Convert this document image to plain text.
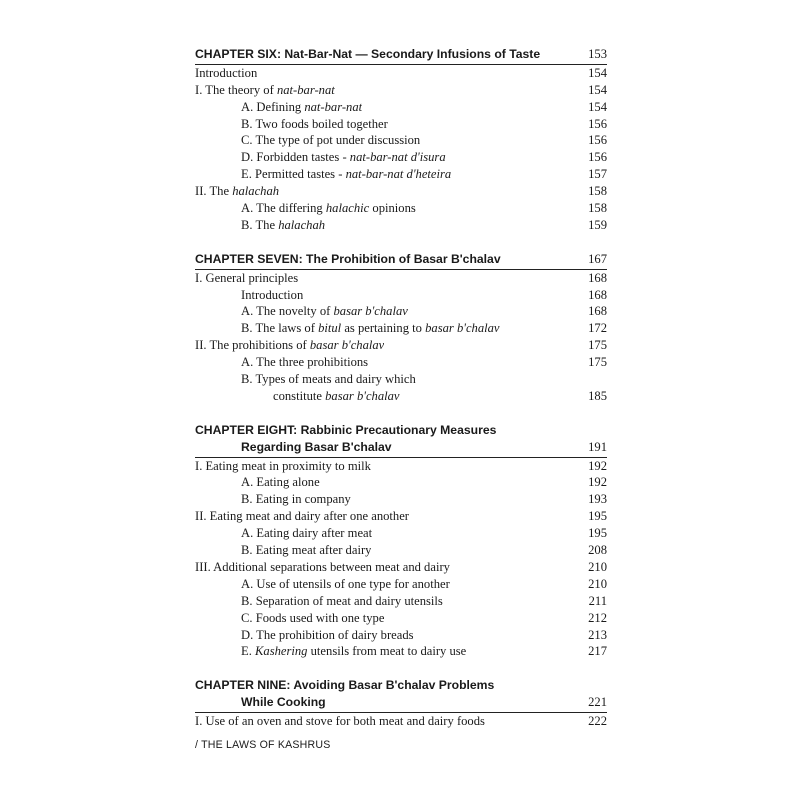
CHAPTER SIX: Nat-Bar-Nat — Secondary Infusions of Taste	153
Introduction	154
I. The theory of nat-bar-nat	154
A. Defining nat-bar-nat	154
B. Two foods boiled together	156
C. The type of pot under discussion	156
D. Forbidden tastes - nat-bar-nat d'isura	156
E. Permitted tastes - nat-bar-nat d'heteira	157
II. The halachah	158
A. The differing halachic opinions	158
B. The halachah	159
CHAPTER SEVEN: The Prohibition of Basar B'chalav	167
I. General principles	168
Introduction	168
A. The novelty of basar b'chalav	168
B. The laws of bitul as pertaining to basar b'chalav	172
II. The prohibitions of basar b'chalav	175
A. The three prohibitions	175
B. Types of meats and dairy which
constitute basar b'chalav	185
CHAPTER EIGHT: Rabbinic Precautionary Measures
Regarding Basar B'chalav	191
I. Eating meat in proximity to milk	192
A. Eating alone	192
B. Eating in company	193
II. Eating meat and dairy after one another	195
A. Eating dairy after meat	195
B. Eating meat after dairy	208
III. Additional separations between meat and dairy	210
A. Use of utensils of one type for another	210
B. Separation of meat and dairy utensils	211
C. Foods used with one type	212
D. The prohibition of dairy breads	213
E. Kashering utensils from meat to dairy use	217
CHAPTER NINE: Avoiding Basar B'chalav Problems
While Cooking	221
I. Use of an oven and stove for both meat and dairy foods	222
/ THE LAWS OF KASHRUS
